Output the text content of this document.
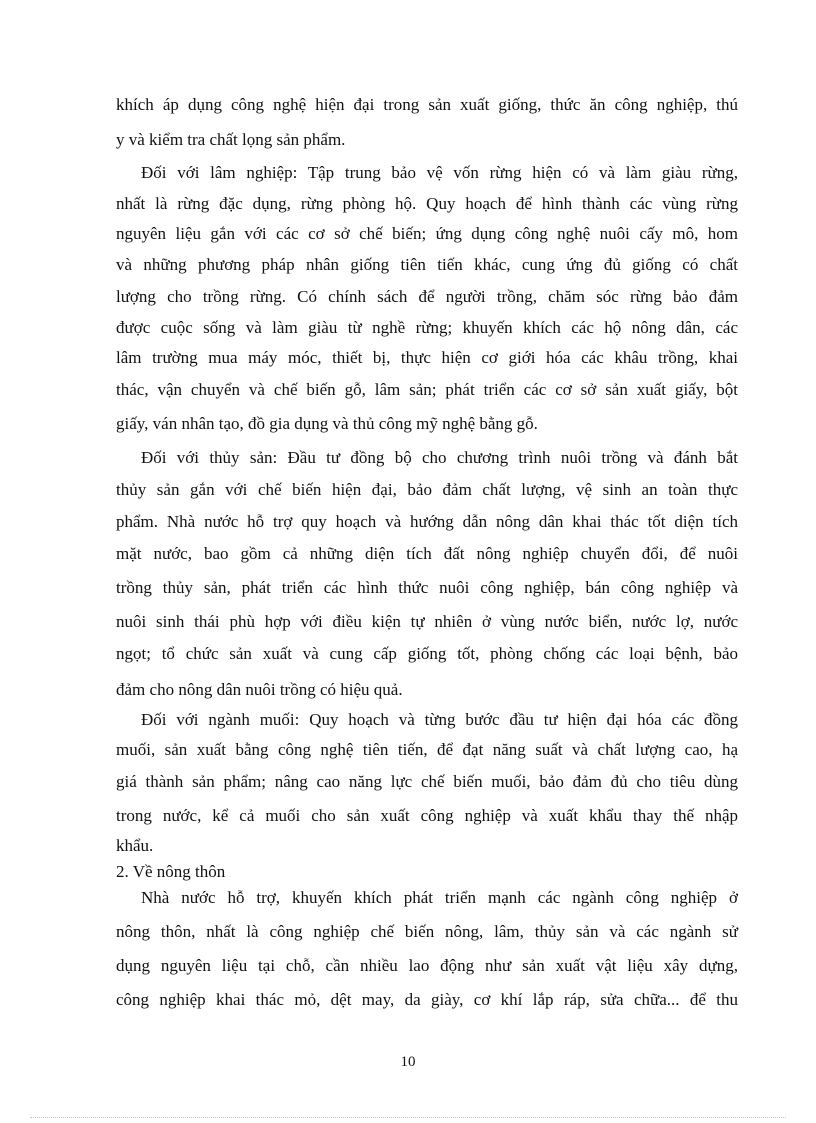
khích áp dụng công nghệ hiện đại trong sản xuất giống, thức ăn công nghiệp, thú
y và kiểm tra chất lọng sản phẩm.
Đối với lâm nghiệp: Tập trung bảo vệ vốn rừng hiện có và làm giàu rừng,
nhất là rừng đặc dụng, rừng phòng hộ. Quy hoạch để hình thành các vùng rừng
nguyên liệu gắn với các cơ sở chế biến; ứng dụng công nghệ nuôi cấy mô, hom
và những phương pháp nhân giống tiên tiến khác, cung ứng đủ giống có chất
lượng cho trồng rừng. Có chính sách để người trồng, chăm sóc rừng bảo đảm
được cuộc sống và làm giàu từ nghề rừng; khuyến khích các hộ nông dân, các
lâm trường mua máy móc, thiết bị, thực hiện cơ giới hóa các khâu trồng, khai
thác, vận chuyển và chế biến gỗ, lâm sản; phát triển các cơ sở sản xuất giấy, bột
giấy, ván nhân tạo, đồ gia dụng và thủ công mỹ nghệ bằng gỗ.
Đối với thủy sản: Đầu tư đồng bộ cho chương trình nuôi trồng và đánh bắt
thủy sản gắn với chế biến hiện đại, bảo đảm chất lượng, vệ sinh an toàn thực
phẩm. Nhà nước hỗ trợ quy hoạch và hướng dẫn nông dân khai thác tốt diện tích
mặt nước, bao gồm cả những diện tích đất nông nghiệp chuyển đổi, để nuôi
trồng thủy sản, phát triển các hình thức nuôi công nghiệp, bán công nghiệp và
nuôi sinh thái phù hợp với điều kiện tự nhiên ở vùng nước biển, nước lợ, nước
ngọt; tổ chức sản xuất và cung cấp giống tốt, phòng chống các loại bệnh, bảo
đảm cho nông dân nuôi trồng có hiệu quả.
Đối với ngành muối: Quy hoạch và từng bước đầu tư hiện đại hóa các đồng
muối, sản xuất bằng công nghệ tiên tiến, để đạt năng suất và chất lượng cao, hạ
giá thành sản phẩm; nâng cao năng lực chế biến muối, bảo đảm đủ cho tiêu dùng
trong nước, kể cả muối cho sản xuất công nghiệp và xuất khẩu thay thế nhập
khẩu.
2. Về nông thôn
Nhà nước hỗ trợ, khuyến khích phát triển mạnh các ngành công nghiệp ở
nông thôn, nhất là công nghiệp chế biến nông, lâm, thủy sản và các ngành sử
dụng nguyên liệu tại chỗ, cần nhiều lao động như sản xuất vật liệu xây dựng,
công nghiệp khai thác mỏ, dệt may, da giày, cơ khí lắp ráp, sửa chữa... để thu
10
